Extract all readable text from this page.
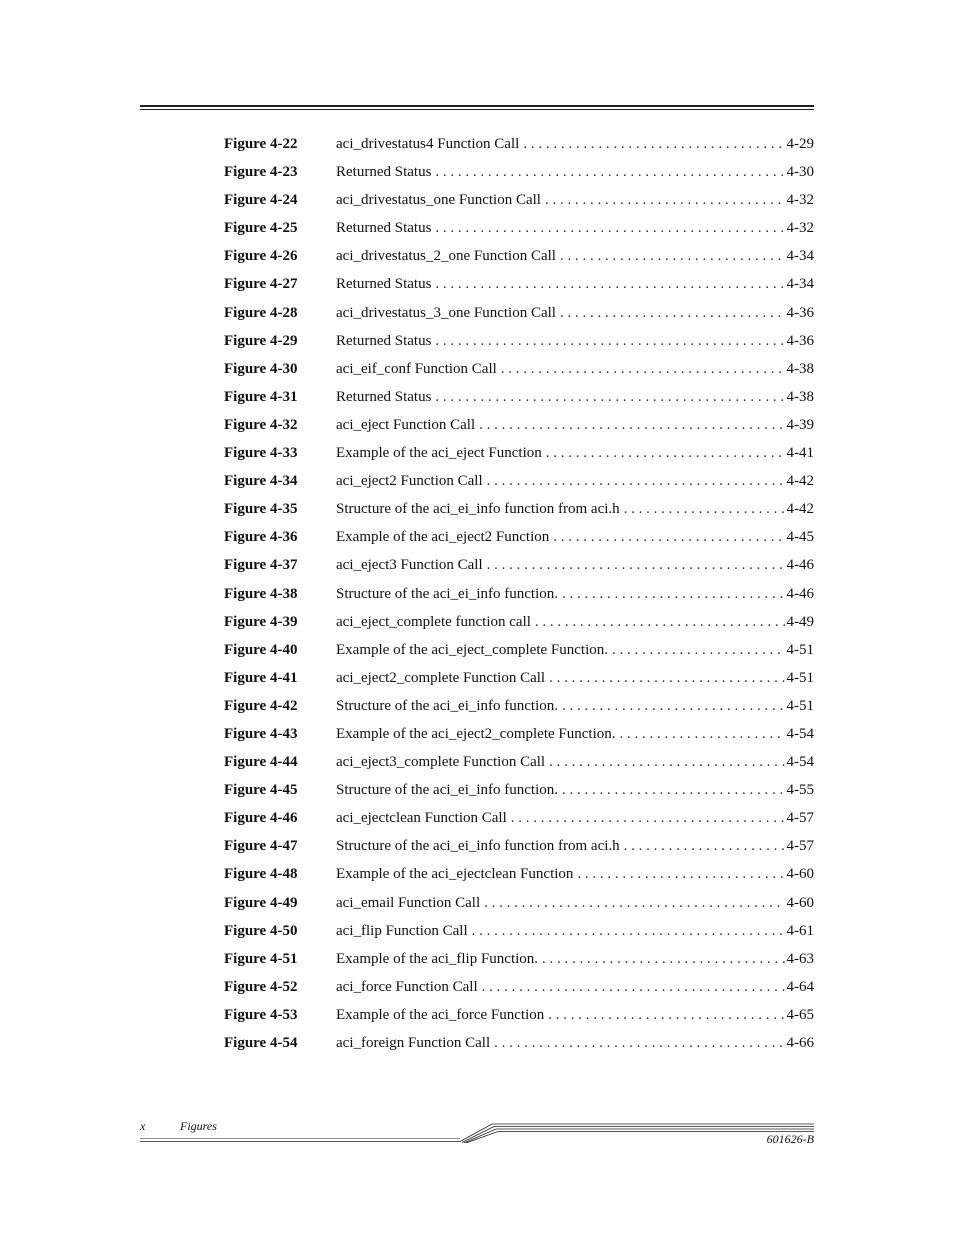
Figure 4-22	aci_drivestatus4 Function Call . . .	4-29
Figure 4-23	Returned Status . . .	4-30
Figure 4-24	aci_drivestatus_one Function Call . . .	4-32
Figure 4-25	Returned Status . . .	4-32
Figure 4-26	aci_drivestatus_2_one Function Call . . .	4-34
Figure 4-27	Returned Status . . .	4-34
Figure 4-28	aci_drivestatus_3_one Function Call . . .	4-36
Figure 4-29	Returned Status . . .	4-36
Figure 4-30	aci_eif_conf Function Call . . .	4-38
Figure 4-31	Returned Status . . .	4-38
Figure 4-32	aci_eject Function Call . . .	4-39
Figure 4-33	Example of the aci_eject Function . . .	4-41
Figure 4-34	aci_eject2 Function Call . . .	4-42
Figure 4-35	Structure of the aci_ei_info function from aci.h . . .	4-42
Figure 4-36	Example of the aci_eject2 Function . . .	4-45
Figure 4-37	aci_eject3 Function Call . . .	4-46
Figure 4-38	Structure of the aci_ei_info function. . . .	4-46
Figure 4-39	aci_eject_complete function call . . .	4-49
Figure 4-40	Example of the aci_eject_complete Function. . . .	4-51
Figure 4-41	aci_eject2_complete Function Call . . .	4-51
Figure 4-42	Structure of the aci_ei_info function. . . .	4-51
Figure 4-43	Example of the aci_eject2_complete Function. . . .	4-54
Figure 4-44	aci_eject3_complete Function Call . . .	4-54
Figure 4-45	Structure of the aci_ei_info function. . . .	4-55
Figure 4-46	aci_ejectclean Function Call . . .	4-57
Figure 4-47	Structure of the aci_ei_info function from aci.h . . .	4-57
Figure 4-48	Example of the aci_ejectclean Function . . .	4-60
Figure 4-49	aci_email Function Call . . .	4-60
Figure 4-50	aci_flip Function Call . . .	4-61
Figure 4-51	Example of the aci_flip Function. . . .	4-63
Figure 4-52	aci_force Function Call . . .	4-64
Figure 4-53	Example of the aci_force Function . . .	4-65
Figure 4-54	aci_foreign Function Call . . .	4-66
x	Figures
601626-B
